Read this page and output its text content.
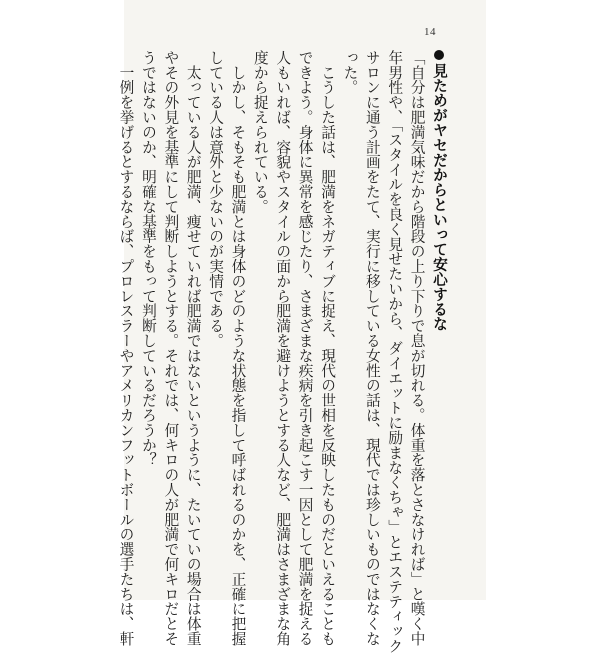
14
見ためがヤセだからといって安心するな
「自分は肥満気味だから階段の上り下りで息が切れる。体重を落とさなければ」と嘆く中
年男性や、「スタイルを良く見せたいから、ダイエットに励まなくちゃ」とエステティック
サロンに通う計画をたて、実行に移している女性の話は、現代では珍しいものではなくな
った。
　こうした話は、肥満をネガティブに捉え、現代の世相を反映したものだといえることも
できよう。身体に異常を感じたり、さまざまな疾病を引き起こす一因として肥満を捉える
人もいれば、容貌やスタイルの面から肥満を避けようとする人など、肥満はさまざまな角
度から捉えられている。
　しかし、そもそも肥満とは身体のどのような状態を指して呼ばれるのかを、正確に把握
している人は意外と少ないのが実情である。
　太っている人が肥満、痩せていれば肥満ではないというように、たいていの場合は体重
やその外見を基準にして判断しようとする。それでは、何キロの人が肥満で何キロだとそ
うではないのか、明確な基準をもって判断しているだろうか？
　一例を挙げるとするならば、プロレスラーやアメリカンフットボールの選手たちは、軒
